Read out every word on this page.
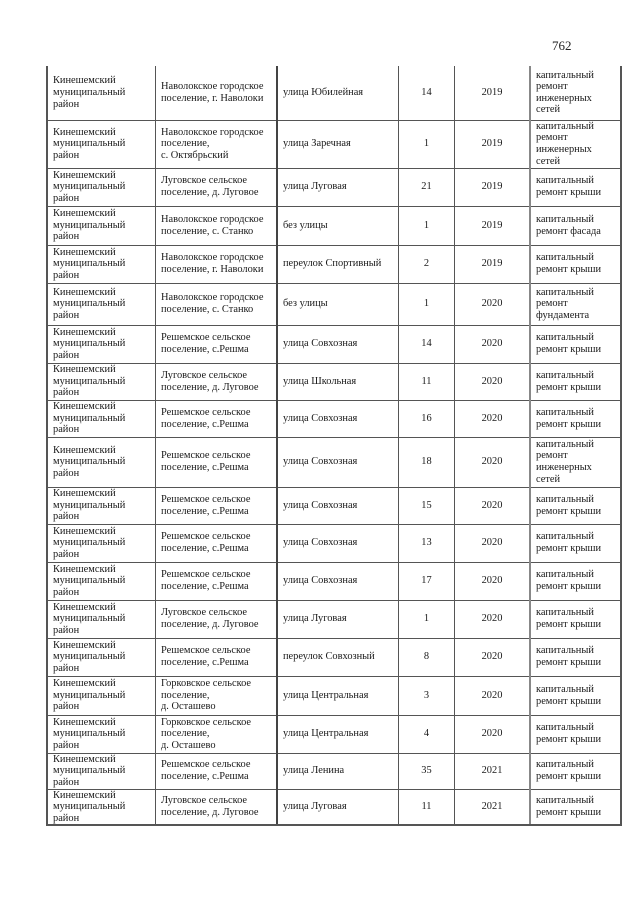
762
Кинешемский
муниципальный
район	Наволокское городское
поселение, г. Наволоки	улица Юбилейная	14	2019	капитальный
ремонт
инженерных
сетей

Кинешемский
муниципальный
район	Наволокское городское
поселение,
с. Октябрьский	улица Заречная	1	2019	капитальный
ремонт
инженерных
сетей

Кинешемский
муниципальный
район	Луговское сельское
поселение, д. Луговое	улица Луговая	21	2019	капитальный
ремонт крыши

Кинешемский
муниципальный
район	Наволокское городское
поселение, с. Станко	без улицы	1	2019	капитальный
ремонт фасада

Кинешемский
муниципальный
район	Наволокское городское
поселение, г. Наволоки	переулок Спортивный	2	2019	капитальный
ремонт крыши

Кинешемский
муниципальный
район	Наволокское городское
поселение, с. Станко	без улицы	1	2020	капитальный
ремонт
фундамента

Кинешемский
муниципальный
район	Решемское сельское
поселение, с.Решма	улица Совхозная	14	2020	капитальный
ремонт крыши

Кинешемский
муниципальный
район	Луговское сельское
поселение, д. Луговое	улица Школьная	11	2020	капитальный
ремонт крыши

Кинешемский
муниципальный
район	Решемское сельское
поселение, с.Решма	улица Совхозная	16	2020	капитальный
ремонт крыши

Кинешемский
муниципальный
район	Решемское сельское
поселение, с.Решма	улица Совхозная	18	2020	капитальный
ремонт
инженерных
сетей

Кинешемский
муниципальный
район	Решемское сельское
поселение, с.Решма	улица Совхозная	15	2020	капитальный
ремонт крыши

Кинешемский
муниципальный
район	Решемское сельское
поселение, с.Решма	улица Совхозная	13	2020	капитальный
ремонт крыши

Кинешемский
муниципальный
район	Решемское сельское
поселение, с.Решма	улица Совхозная	17	2020	капитальный
ремонт крыши

Кинешемский
муниципальный
район	Луговское сельское
поселение, д. Луговое	улица Луговая	1	2020	капитальный
ремонт крыши

Кинешемский
муниципальный
район	Решемское сельское
поселение, с.Решма	переулок Совхозный	8	2020	капитальный
ремонт крыши

Кинешемский
муниципальный
район	Горковское сельское
поселение,
д. Осташево	улица Центральная	3	2020	капитальный
ремонт крыши

Кинешемский
муниципальный
район	Горковское сельское
поселение,
д. Осташево	улица Центральная	4	2020	капитальный
ремонт крыши

Кинешемский
муниципальный
район	Решемское сельское
поселение, с.Решма	улица Ленина	35	2021	капитальный
ремонт крыши

Кинешемский
муниципальный
район	Луговское сельское
поселение, д. Луговое	улица Луговая	11	2021	капитальный
ремонт крыши
